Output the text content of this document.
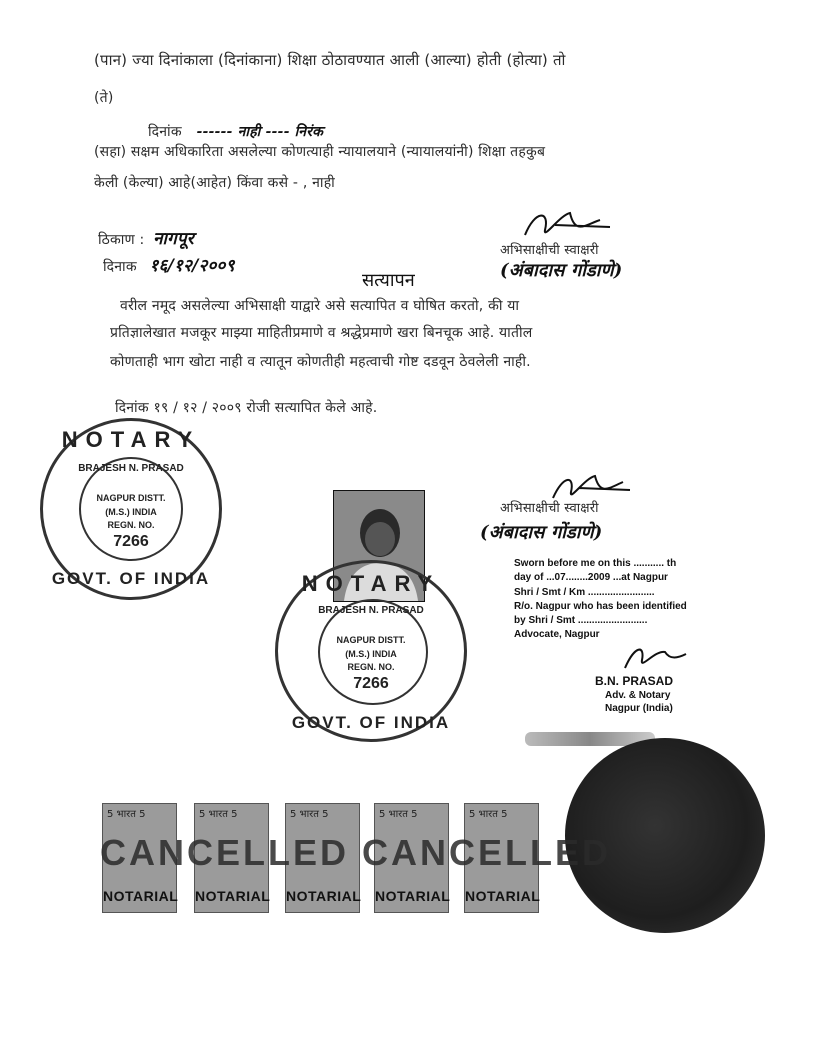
(पान) ज्या दिनांकाला (दिनांकाना) शिक्षा ठोठावण्यात आली (आल्या) होती (होत्या) तो
(ते)
दिनांक ------ नाही ---- निरंक
(सहा) सक्षम अधिकारिता असलेल्या कोणत्याही न्यायालयाने (न्यायालयांनी) शिक्षा तहकुब
केली (केल्या) आहे(आहेत) किंवा कसे - , नाही
ठिकाण : नागपूर
दिनाक १६/१२/२००९
अभिसाक्षीची स्वाक्षरी
(अंबादास गोंडाणे)
सत्यापन
वरील नमूद असलेल्या अभिसाक्षी याद्वारे असे सत्यापित व घोषित करतो, की या
प्रतिज्ञालेखात मजकूर माझ्या माहितीप्रमाणे व श्रद्धेप्रमाणे खरा बिनचूक आहे. यातील
कोणताही भाग खोटा नाही व त्यातून कोणतीही महत्वाची गोष्ट दडवून ठेवलेली नाही.
दिनांक १९ / १२ / २००९ रोजी सत्यापित केले आहे.
NOTARY
BRAJESH N. PRASAD
NAGPUR DISTT.
(M.S.) INDIA
REGN. NO.
7266
GOVT. OF INDIA	NOTARY
BRAJESH N. PRASAD
NAGPUR DISTT.
(M.S.) INDIA
REGN. NO.
7266
GOVT. OF INDIA
अभिसाक्षीची स्वाक्षरी
(अंबादास गोंडाणे)
Sworn before me on this ........... th
day of ...07........2009 ...at Nagpur
Shri / Smt / Km ........................
R/o. Nagpur who has been identified
by Shri / Smt .........................
Advocate, Nagpur
B.N. PRASAD
Adv. & Notary
Nagpur (India)
5 भारत 5
NOTARIAL
5 भारत 5
NOTARIAL
5 भारत 5
NOTARIAL
5 भारत 5
NOTARIAL
5 भारत 5
NOTARIAL
CANCELLED CANCELLED
